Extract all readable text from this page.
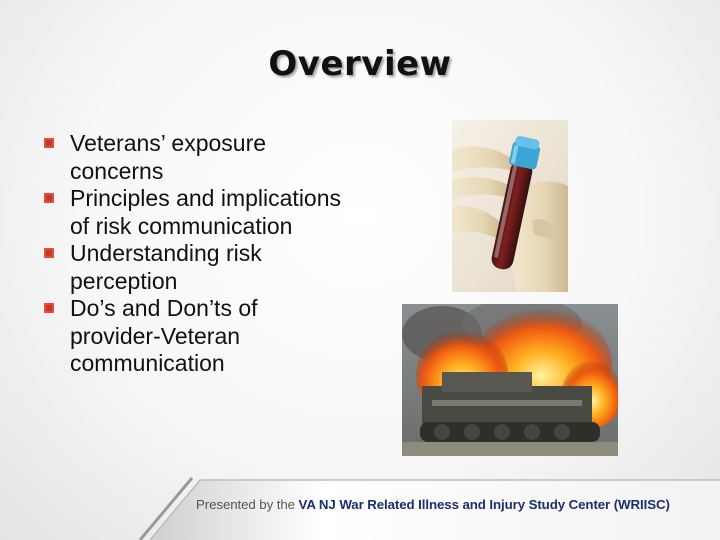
Overview
Veterans’ exposure concerns
Principles and implications of risk communication
Understanding risk perception
Do’s and Don’ts of provider-Veteran communication
Presented by the VA NJ War Related Illness and Injury Study Center (WRIISC)
